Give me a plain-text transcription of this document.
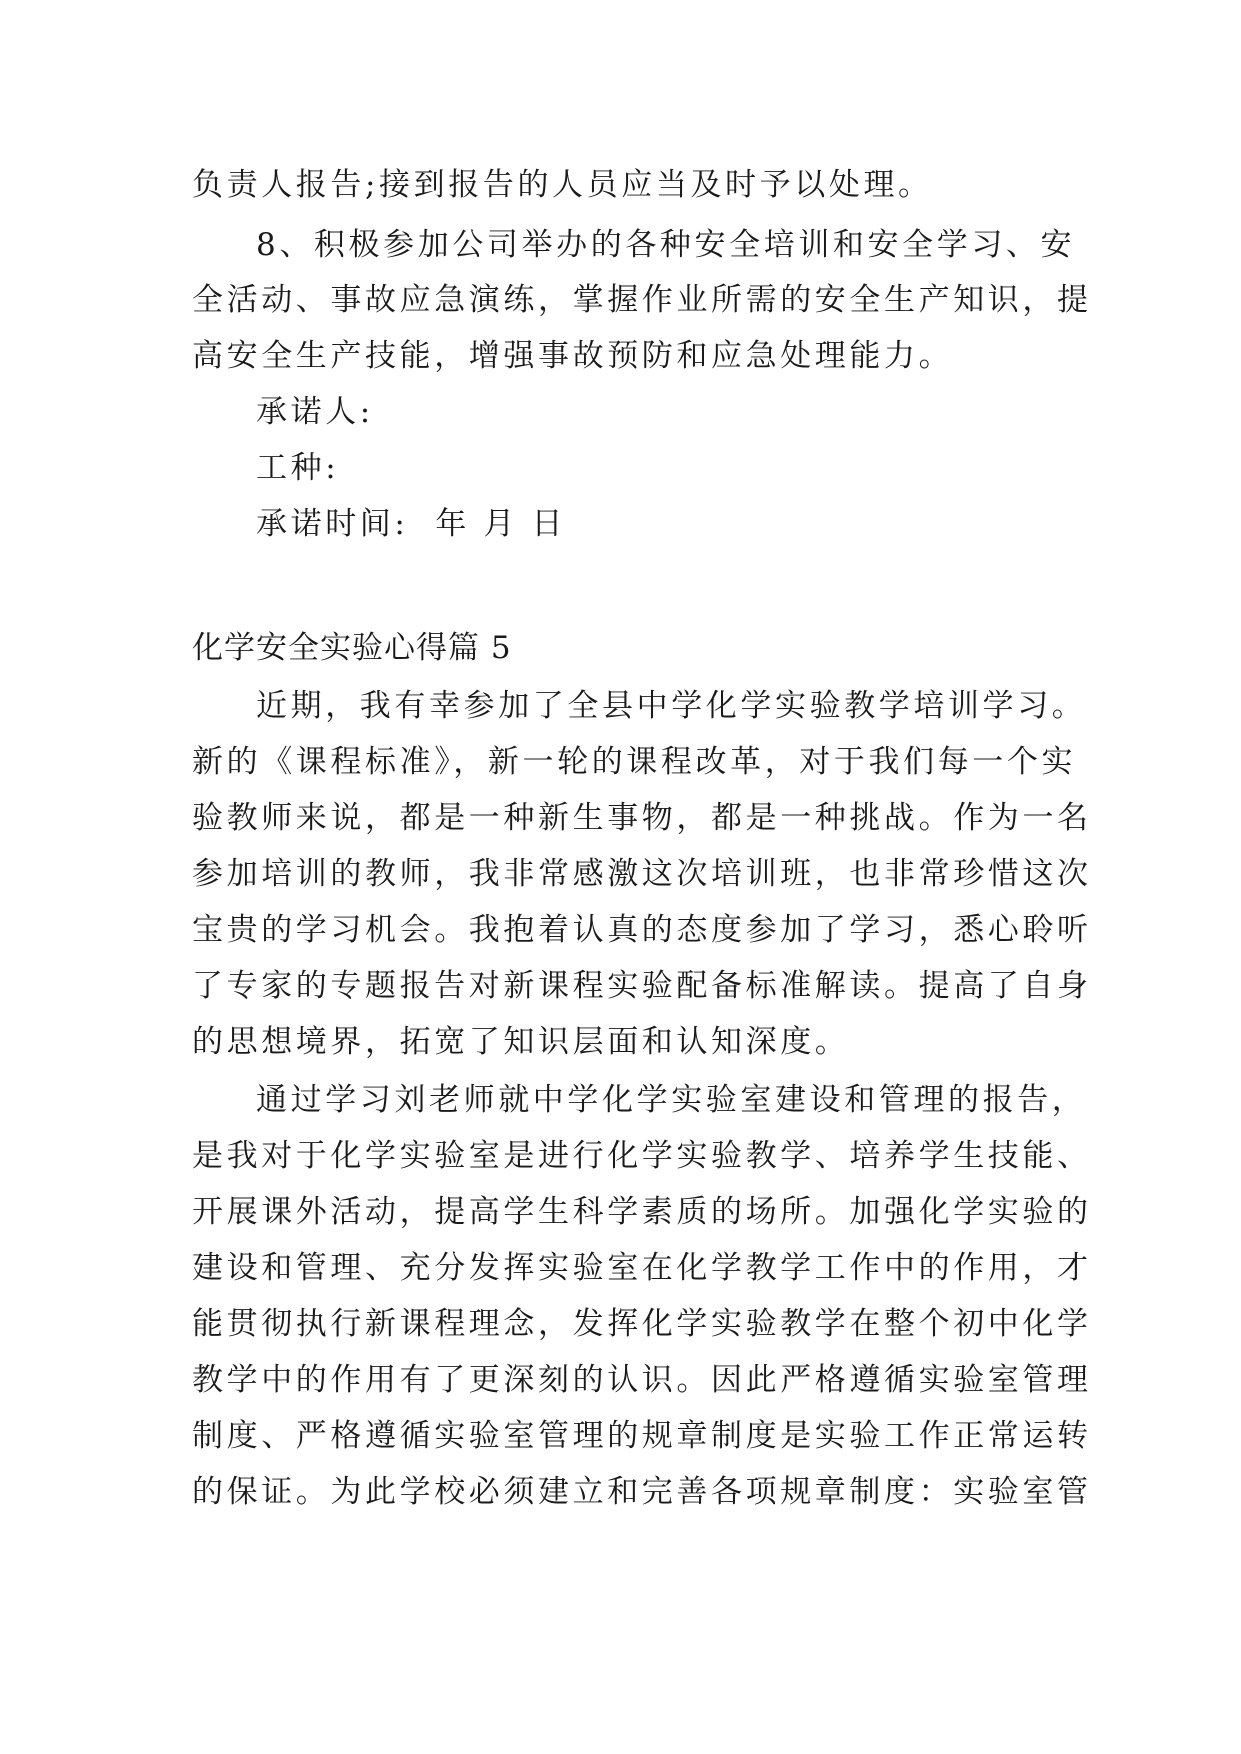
负责人报告;接到报告的人员应当及时予以处理。
8、积极参加公司举办的各种安全培训和安全学习、安
全活动、事故应急演练，掌握作业所需的安全生产知识，提
高安全生产技能，增强事故预防和应急处理能力。
承诺人:
工种:
承诺时间:  年 月 日
化学安全实验心得篇 5
近期，我有幸参加了全县中学化学实验教学培训学习。
新的《课程标准》，新一轮的课程改革，对于我们每一个实
验教师来说，都是一种新生事物，都是一种挑战。作为一名
参加培训的教师，我非常感激这次培训班，也非常珍惜这次
宝贵的学习机会。我抱着认真的态度参加了学习，悉心聆听
了专家的专题报告对新课程实验配备标准解读。提高了自身
的思想境界，拓宽了知识层面和认知深度。
通过学习刘老师就中学化学实验室建设和管理的报告，
是我对于化学实验室是进行化学实验教学、培养学生技能、
开展课外活动，提高学生科学素质的场所。加强化学实验的
建设和管理、充分发挥实验室在化学教学工作中的作用，才
能贯彻执行新课程理念，发挥化学实验教学在整个初中化学
教学中的作用有了更深刻的认识。因此严格遵循实验室管理
制度、严格遵循实验室管理的规章制度是实验工作正常运转
的保证。为此学校必须建立和完善各项规章制度：实验室管
